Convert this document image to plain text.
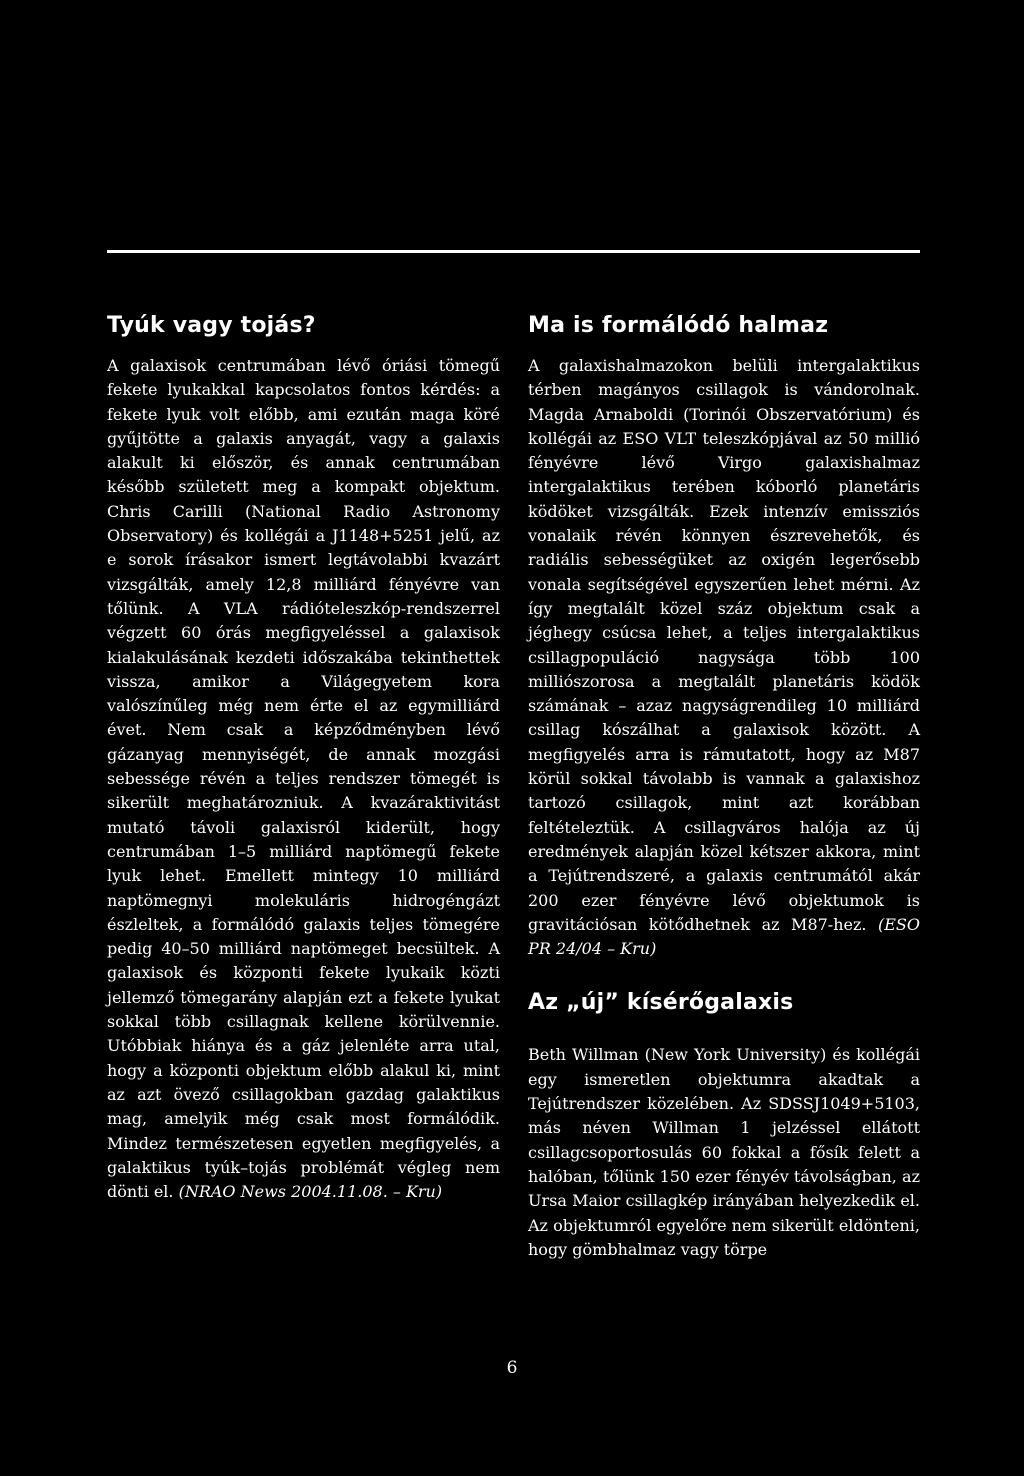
Tyúk vagy tojás?

A galaxisok centrumában lévő óriási tömegű fekete lyukakkal kapcsolatos fontos kérdés: a fekete lyuk volt előbb, ami ezután maga köré gyűjtötte a galaxis anyagát, vagy a galaxis alakult ki először, és annak centrumában később született meg a kompakt objektum. Chris Carilli (National Radio Astronomy Observatory) és kollégái a J1148+5251 jelű, az e sorok írásakor ismert legtávolabbi kvazárt vizsgálták, amely 12,8 milliárd fényévre van tőlünk. A VLA rádióteleszkóp-rendszerrel végzett 60 órás megfigyeléssel a galaxisok kialakulásának kezdeti időszakába tekinthettek vissza, amikor a Világegyetem kora valószínűleg még nem érte el az egymilliárd évet. Nem csak a képződményben lévő gázanyag mennyiségét, de annak mozgási sebessége révén a teljes rendszer tömegét is sikerült meghatározniuk. A kvazáraktivitást mutató távoli galaxisról kiderült, hogy centrumában 1–5 milliárd naptömegű fekete lyuk lehet. Emellett mintegy 10 milliárd naptömegnyi molekuláris hidrogéngázt észleltek, a formálódó galaxis teljes tömegére pedig 40–50 milliárd naptömeget becsültek. A galaxisok és központi fekete lyukaik közti jellemző tömegarány alapján ezt a fekete lyukat sokkal több csillagnak kellene körülvennie. Utóbbiak hiánya és a gáz jelenléte arra utal, hogy a központi objektum előbb alakul ki, mint az azt övező csillagokban gazdag galaktikus mag, amelyik még csak most formálódik. Mindez természetesen egyetlen megfigyelés, a galaktikus tyúk–tojás problémát végleg nem dönti el. (NRAO News 2004.11.08. – Kru)

Ma is formálódó halmaz

A galaxishalmazokon belüli intergalaktikus térben magányos csillagok is vándorolnak. Magda Arnaboldi (Torinói Obszervatórium) és kollégái az ESO VLT teleszkópjával az 50 millió fényévre lévő Virgo galaxishalmaz intergalaktikus terében kóborló planetáris ködöket vizsgálták. Ezek intenzív emissziós vonalaik révén könnyen észrevehetők, és radiális sebességüket az oxigén legerősebb vonala segítségével egyszerűen lehet mérni. Az így megtalált közel száz objektum csak a jéghegy csúcsa lehet, a teljes intergalaktikus csillagpopuláció nagysága több 100 milliószorosa a megtalált planetáris ködök számának – azaz nagyságrendileg 10 milliárd csillag kószálhat a galaxisok között. A megfigyelés arra is rámutatott, hogy az M87 körül sokkal távolabb is vannak a galaxishoz tartozó csillagok, mint azt korábban feltételeztük. A csillagváros halója az új eredmények alapján közel kétszer akkora, mint a Tejútrendszeré, a galaxis centrumától akár 200 ezer fényévre lévő objektumok is gravitációsan kötődhetnek az M87-hez. (ESO PR 24/04 – Kru)

Az „új” kísérőgalaxis

Beth Willman (New York University) és kollégái egy ismeretlen objektumra akadtak a Tejútrendszer közelében. Az SDSSJ1049+5103, más néven Willman 1 jelzéssel ellátott csillagcsoportosulás 60 fokkal a fősík felett a halóban, tőlünk 150 ezer fényév távolságban, az Ursa Maior csillagkép irányában helyezkedik el. Az objektumról egyelőre nem sikerült eldönteni, hogy gömbhalmaz vagy törpe

6
